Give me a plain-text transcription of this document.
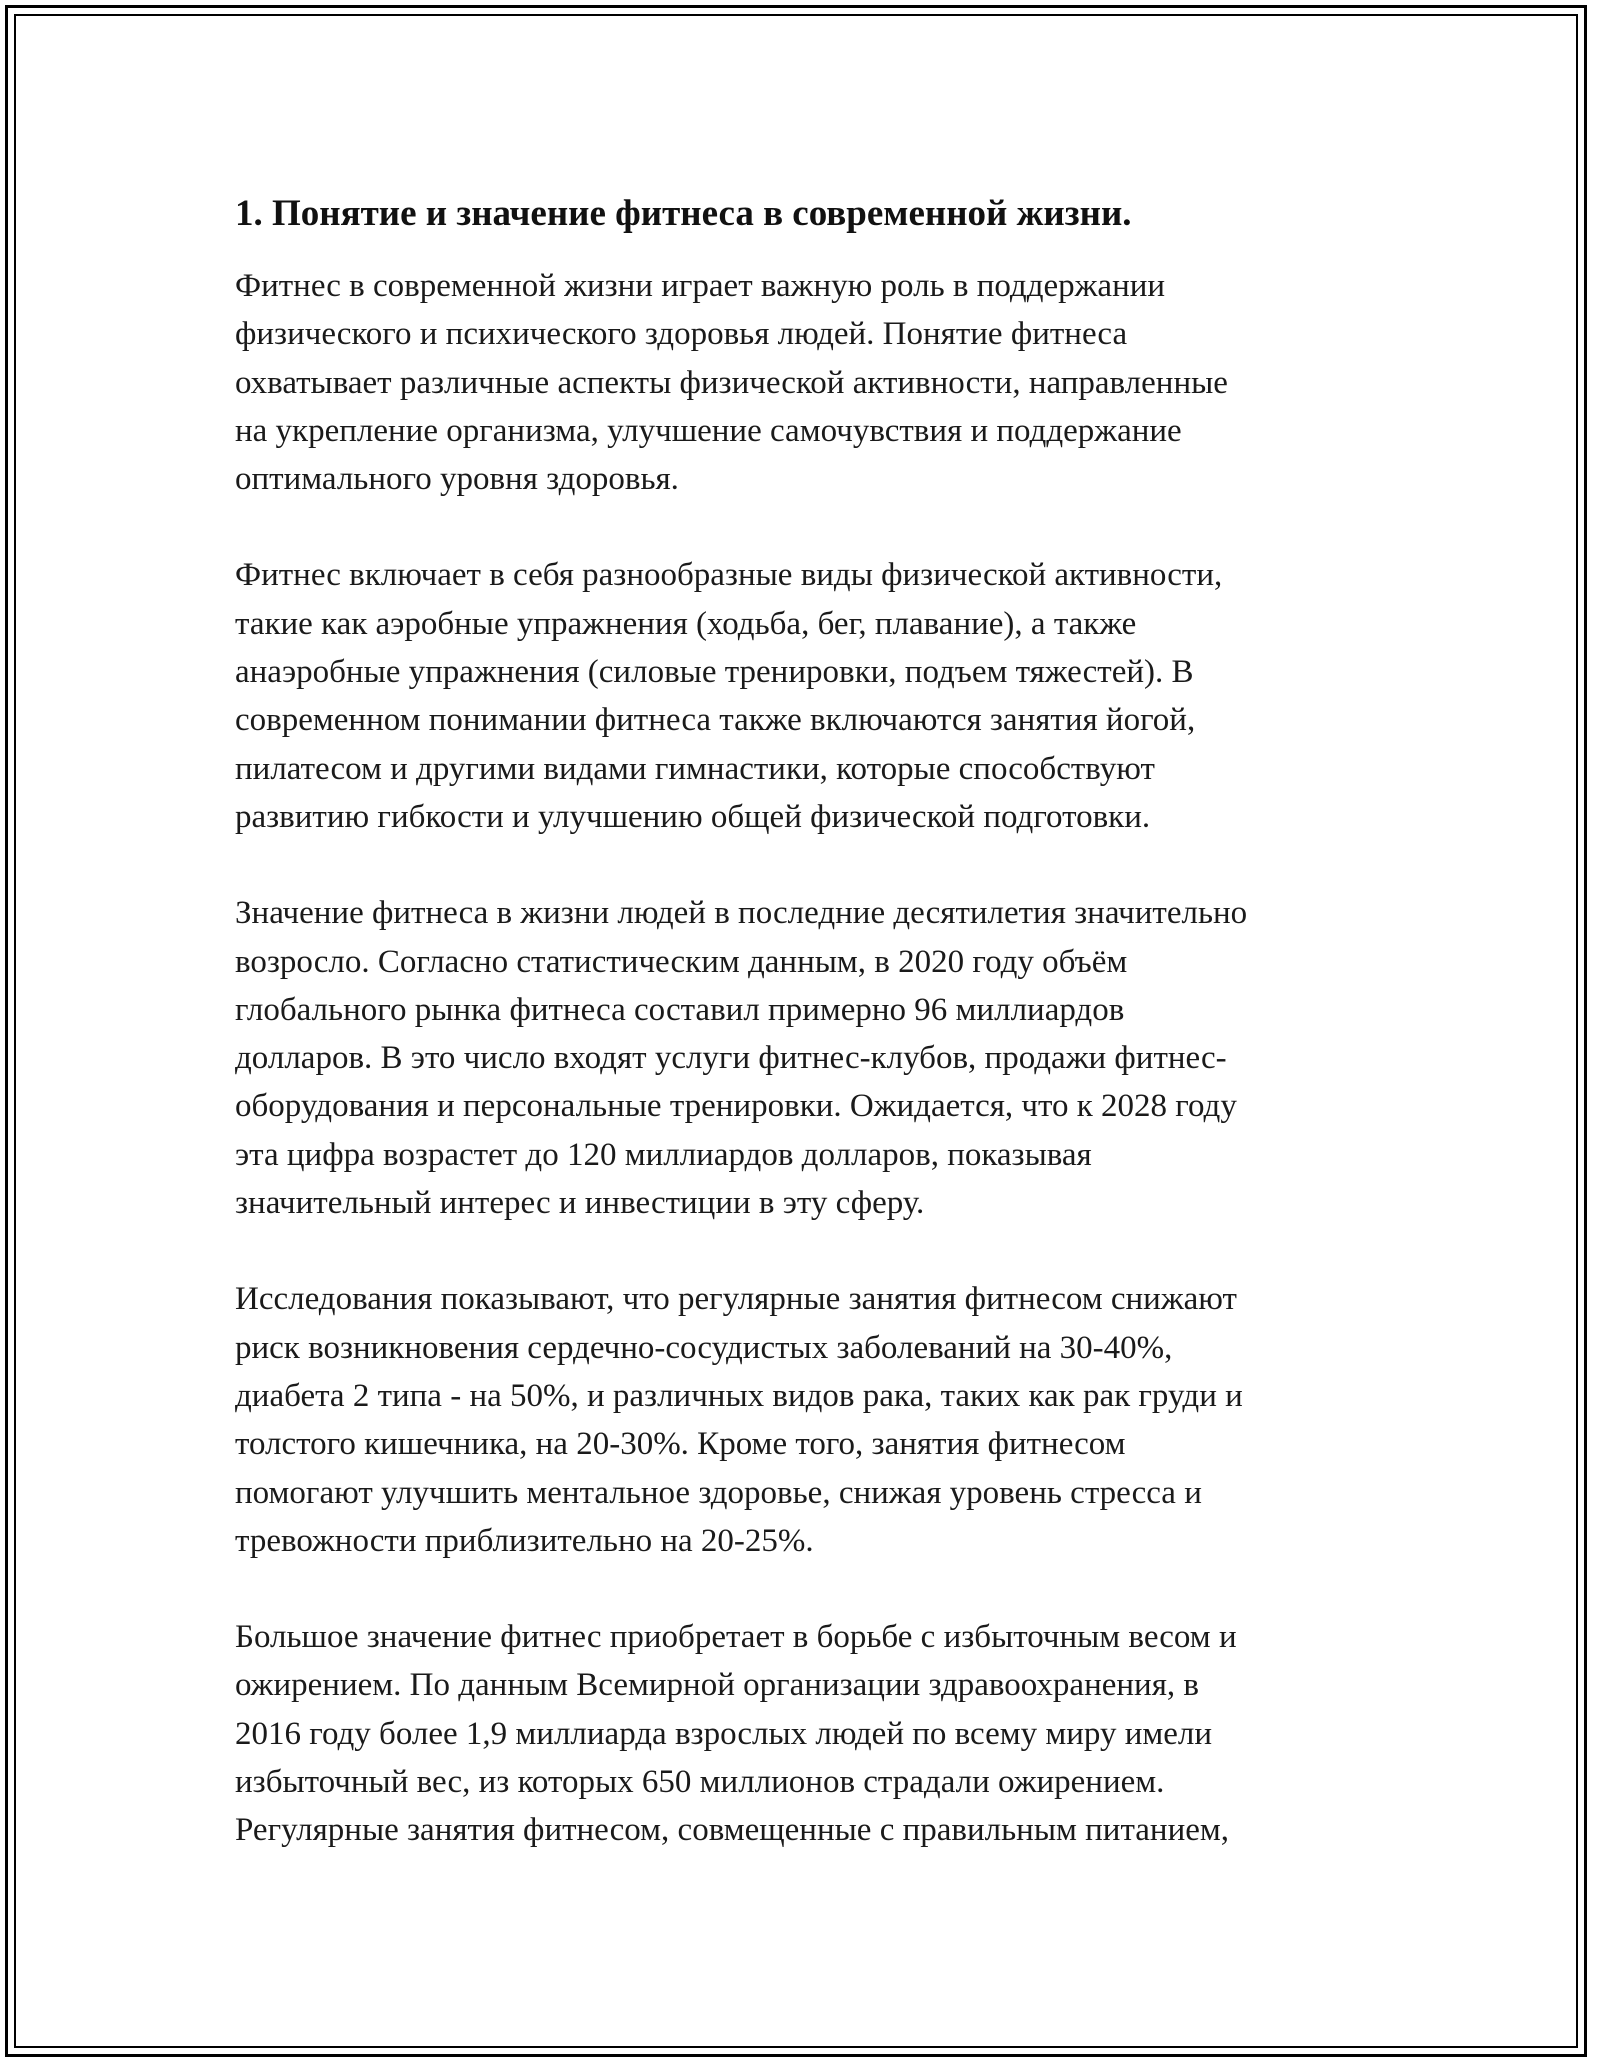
1. Понятие и значение фитнеса в современной жизни.
Фитнес в современной жизни играет важную роль в поддержании
физического и психического здоровья людей. Понятие фитнеса
охватывает различные аспекты физической активности, направленные
на укрепление организма, улучшение самочувствия и поддержание
оптимального уровня здоровья.
Фитнес включает в себя разнообразные виды физической активности,
такие как аэробные упражнения (ходьба, бег, плавание), а также
анаэробные упражнения (силовые тренировки, подъем тяжестей). В
современном понимании фитнеса также включаются занятия йогой,
пилатесом и другими видами гимнастики, которые способствуют
развитию гибкости и улучшению общей физической подготовки.
Значение фитнеса в жизни людей в последние десятилетия значительно
возросло. Согласно статистическим данным, в 2020 году объём
глобального рынка фитнеса составил примерно 96 миллиардов
долларов. В это число входят услуги фитнес-клубов, продажи фитнес-
оборудования и персональные тренировки. Ожидается, что к 2028 году
эта цифра возрастет до 120 миллиардов долларов, показывая
значительный интерес и инвестиции в эту сферу.
Исследования показывают, что регулярные занятия фитнесом снижают
риск возникновения сердечно-сосудистых заболеваний на 30-40%,
диабета 2 типа - на 50%, и различных видов рака, таких как рак груди и
толстого кишечника, на 20-30%. Кроме того, занятия фитнесом
помогают улучшить ментальное здоровье, снижая уровень стресса и
тревожности приблизительно на 20-25%.
Большое значение фитнес приобретает в борьбе с избыточным весом и
ожирением. По данным Всемирной организации здравоохранения, в
2016 году более 1,9 миллиарда взрослых людей по всему миру имели
избыточный вес, из которых 650 миллионов страдали ожирением.
Регулярные занятия фитнесом, совмещенные с правильным питанием,
